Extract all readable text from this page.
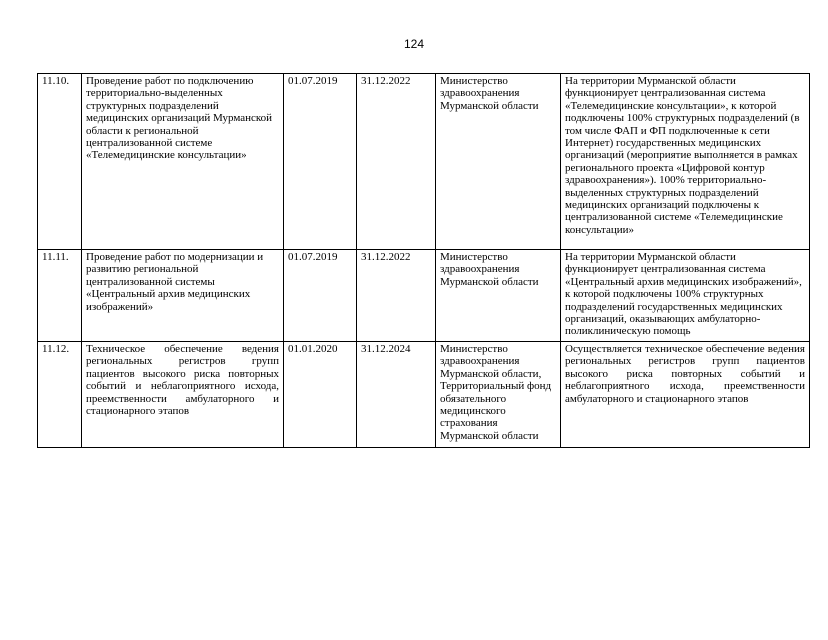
124
11.10.	Проведение работ по подключению территориально-выделенных структурных подразделений медицинских организаций Мурманской области к региональной централизованной системе «Телемедицинские консультации»	01.07.2019	31.12.2022	Министерство здравоохранения Мурманской области	На территории Мурманской области функционирует централизованная система «Телемедицинские консультации», к которой подключены 100% структурных подразделений (в том числе ФАП и ФП подключенные к сети Интернет) государственных медицинских организаций (мероприятие выполняется в рамках регионального проекта «Цифровой контур здравоохранения»). 100% территориально-выделенных структурных подразделений медицинских организаций подключены к централизованной системе «Телемедицинские консультации»
11.11.	Проведение работ по модернизации и развитию региональной централизованной системы «Центральный архив медицинских изображений»	01.07.2019	31.12.2022	Министерство здравоохранения Мурманской области	На территории Мурманской области функционирует централизованная система «Центральный архив медицинских изображений», к которой подключены 100% структурных подразделений государственных медицинских организаций, оказывающих амбулаторно-поликлиническую помощь
11.12.	Техническое обеспечение ведения региональных регистров групп пациентов высокого риска повторных событий и неблагоприятного исхода, преемственности амбулаторного и стационарного этапов	01.01.2020	31.12.2024	Министерство здравоохранения Мурманской области, Территориальный фонд обязательного медицинского страхования Мурманской области	Осуществляется техническое обеспечение ведения региональных регистров групп пациентов высокого риска повторных событий и неблагоприятного исхода, преемственности амбулаторного и стационарного этапов
